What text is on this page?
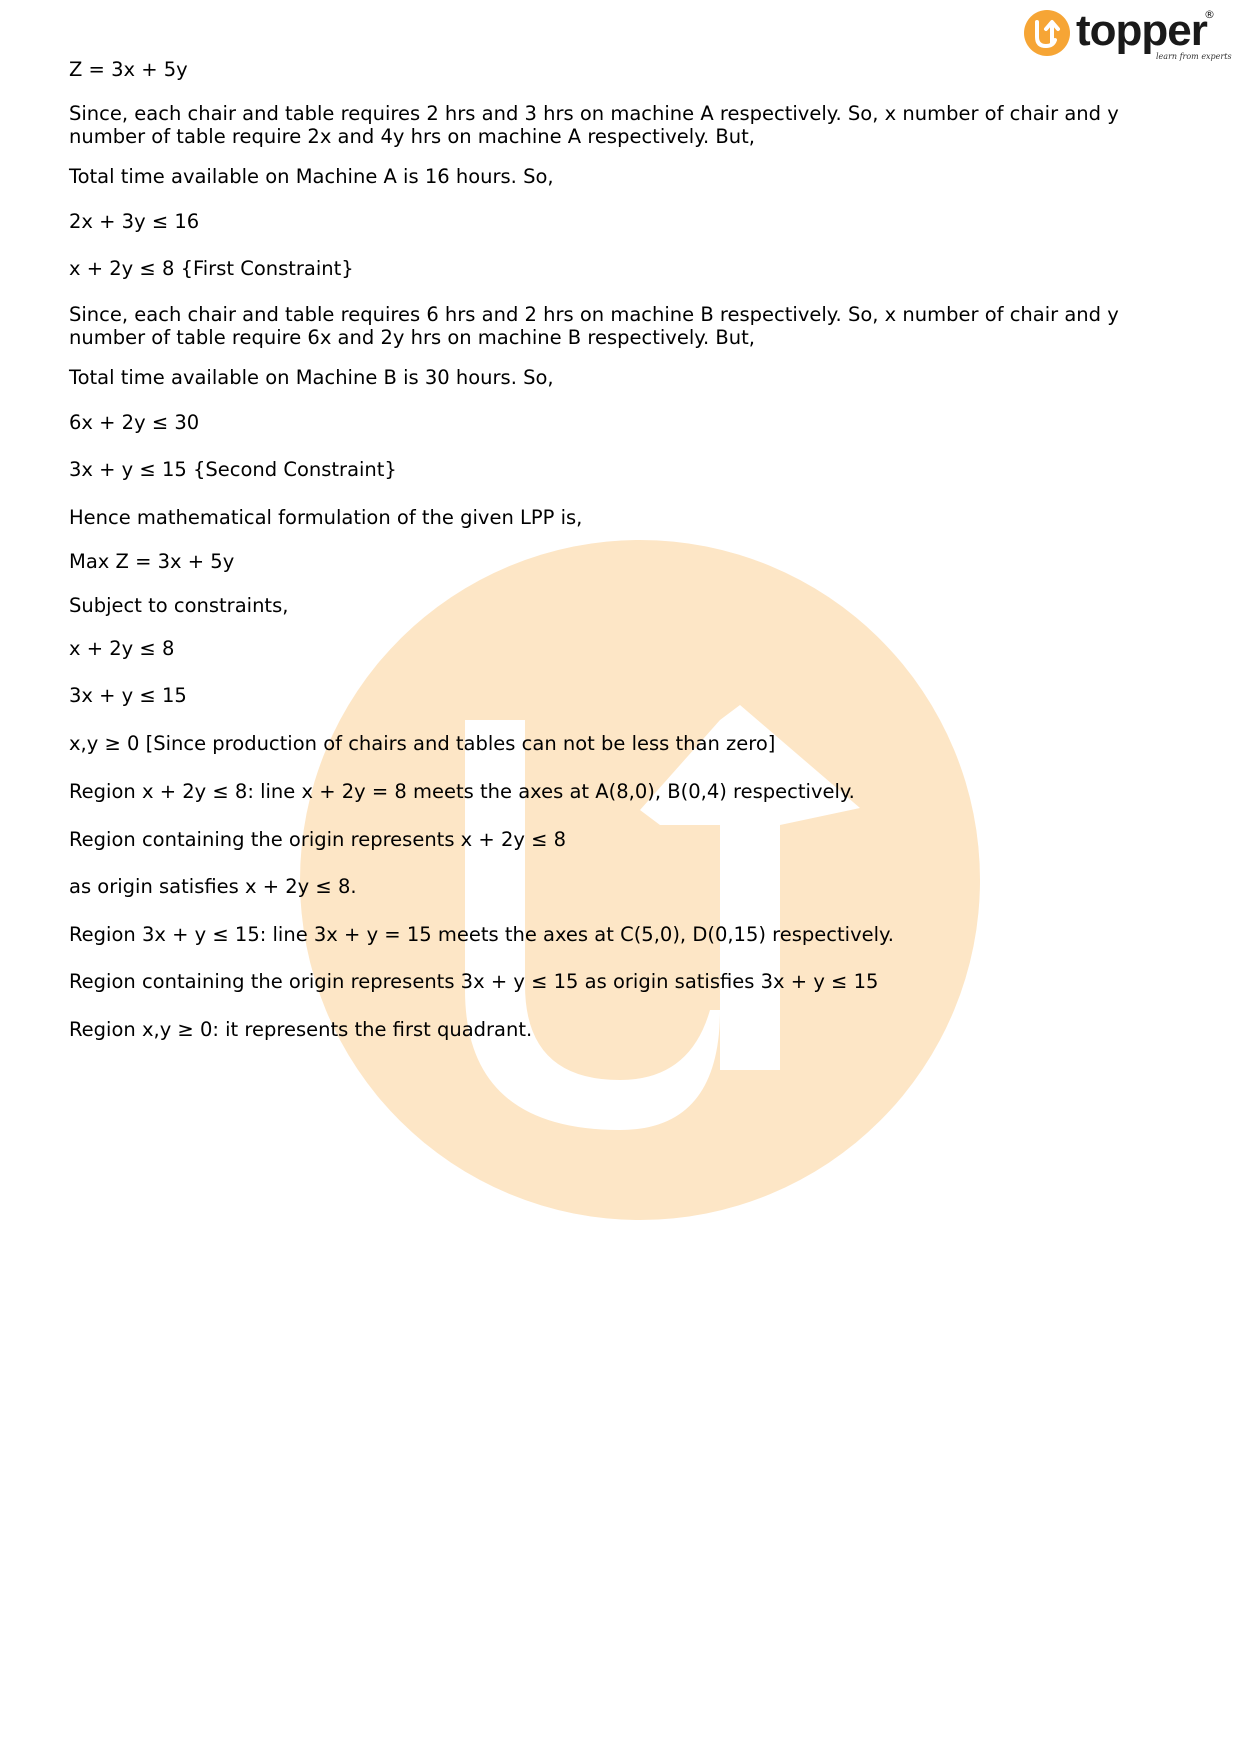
topper
learn from experts
®

Z = 3x + 5y

Since, each chair and table requires 2 hrs and 3 hrs on machine A respectively. So, x number of chair and y number of table require 2x and 4y hrs on machine A respectively. But,

Total time available on Machine A is 16 hours. So,

2x + 3y ≤ 16

x + 2y ≤ 8 {First Constraint}

Since, each chair and table requires 6 hrs and 2 hrs on machine B respectively. So, x number of chair and y number of table require 6x and 2y hrs on machine B respectively. But,

Total time available on Machine B is 30 hours. So,

6x + 2y ≤ 30

3x + y ≤ 15 {Second Constraint}

Hence mathematical formulation of the given LPP is,

Max Z = 3x + 5y

Subject to constraints,

x + 2y ≤ 8

3x + y ≤ 15

x,y ≥ 0 [Since production of chairs and tables can not be less than zero]

Region x + 2y ≤ 8: line x + 2y = 8 meets the axes at A(8,0), B(0,4) respectively.

Region containing the origin represents x + 2y ≤ 8

as origin satisfies x + 2y ≤ 8.

Region 3x + y ≤ 15: line 3x + y = 15 meets the axes at C(5,0), D(0,15) respectively.

Region containing the origin represents 3x + y ≤ 15 as origin satisfies 3x + y ≤ 15

Region x,y ≥ 0: it represents the first quadrant.
